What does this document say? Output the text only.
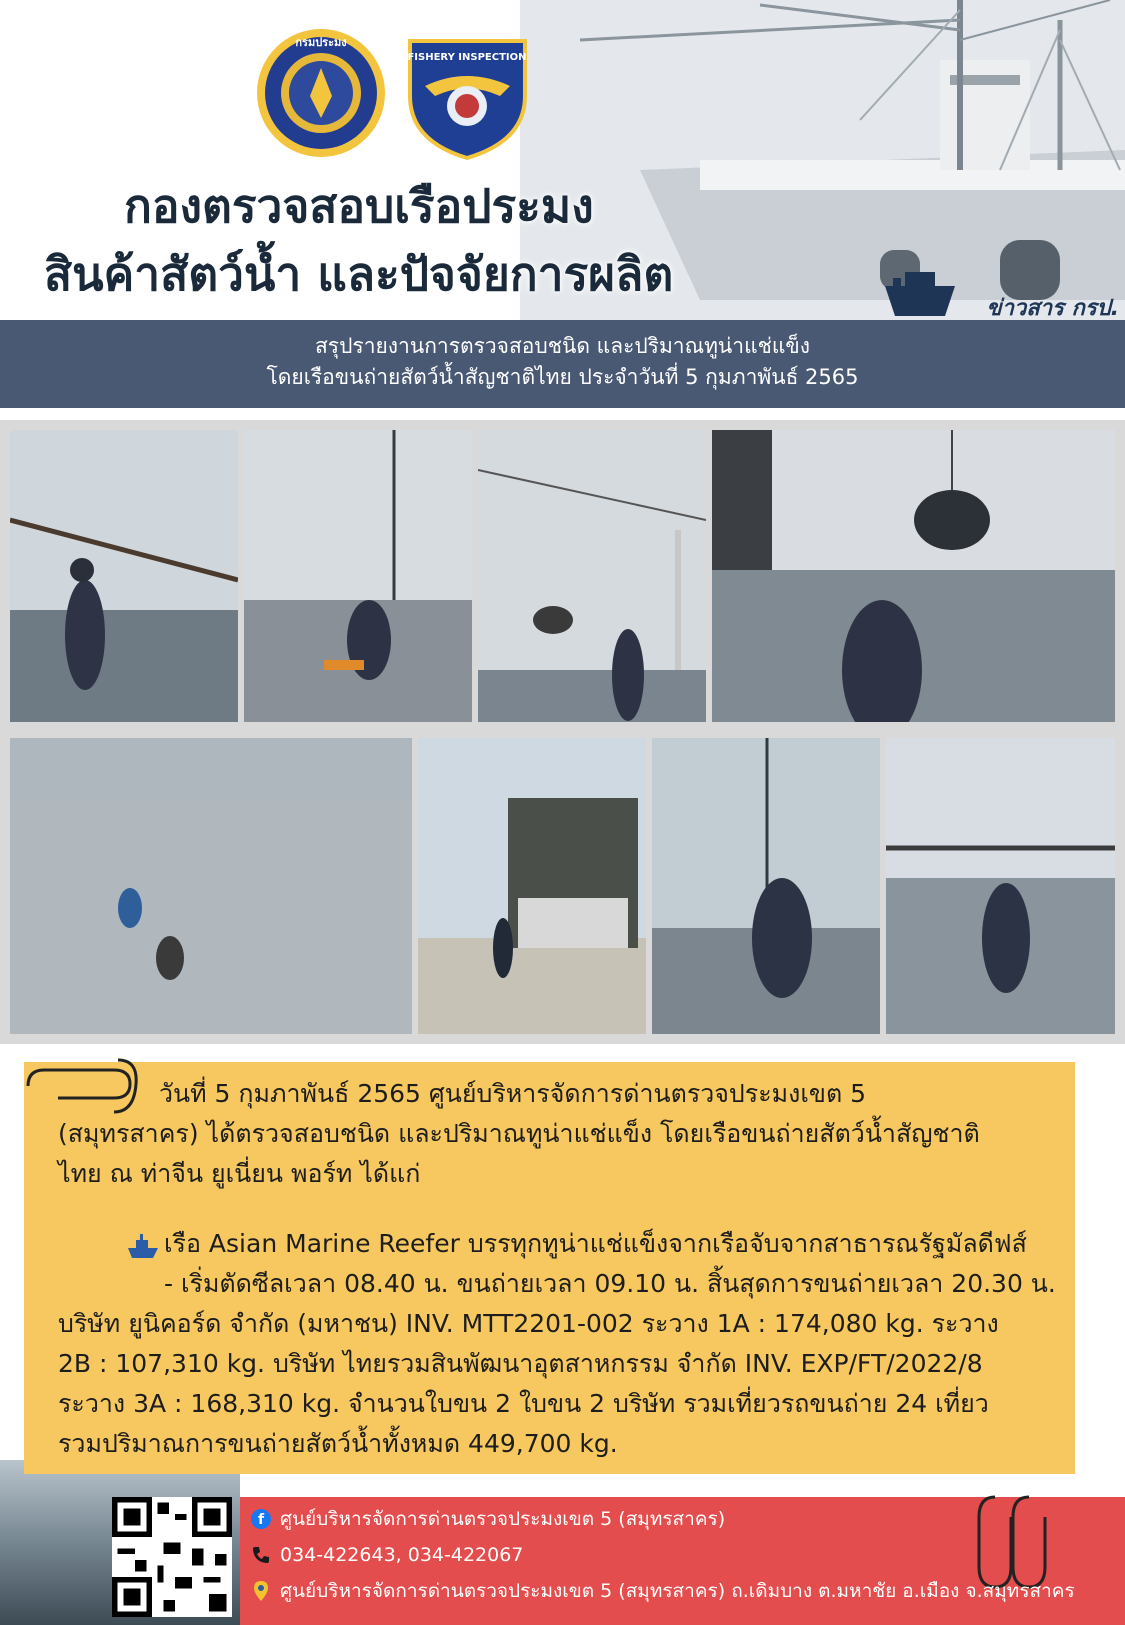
กรมประมง
FISHERY INSPECTION
กองตรวจสอบเรือประมง
สินค้าสัตว์น้ำ และปัจจัยการผลิต
ข่าวสาร กรป.
สรุปรายงานการตรวจสอบชนิด และปริมาณทูน่าแช่แข็ง
โดยเรือขนถ่ายสัตว์น้ำสัญชาติไทย ประจำวันที่ 5 กุมภาพันธ์ 2565

วันที่ 5 กุมภาพันธ์ 2565 ศูนย์บริหารจัดการด่านตรวจประมงเขต 5

(สมุทรสาคร) ได้ตรวจสอบชนิด และปริมาณทูน่าแช่แข็ง โดยเรือขนถ่ายสัตว์น้ำสัญชาติ

ไทย ณ ท่าจีน ยูเนี่ยน พอร์ท ได้แก่

เรือ Asian Marine Reefer บรรทุกทูน่าแช่แข็งจากเรือจับจากสาธารณรัฐมัลดีฟส์

- เริ่มตัดซีลเวลา 08.40 น. ขนถ่ายเวลา 09.10 น. สิ้นสุดการขนถ่ายเวลา 20.30 น.

บริษัท ยูนิคอร์ด จำกัด (มหาชน) INV. MTT2201-002 ระวาง 1A : 174,080 kg. ระวาง

2B : 107,310 kg. บริษัท ไทยรวมสินพัฒนาอุตสาหกรรม จำกัด INV. EXP/FT/2022/8

ระวาง 3A : 168,310 kg. จำนวนใบขน 2 ใบขน 2 บริษัท รวมเที่ยวรถขนถ่าย 24 เที่ยว

รวมปริมาณการขนถ่ายสัตว์น้ำทั้งหมด 449,700 kg.

f ศูนย์บริหารจัดการด่านตรวจประมงเขต 5 (สมุทรสาคร)
034-422643, 034-422067
ศูนย์บริหารจัดการด่านตรวจประมงเขต 5 (สมุทรสาคร) ถ.เดิมบาง ต.มหาชัย อ.เมือง จ.สมุทรสาคร
